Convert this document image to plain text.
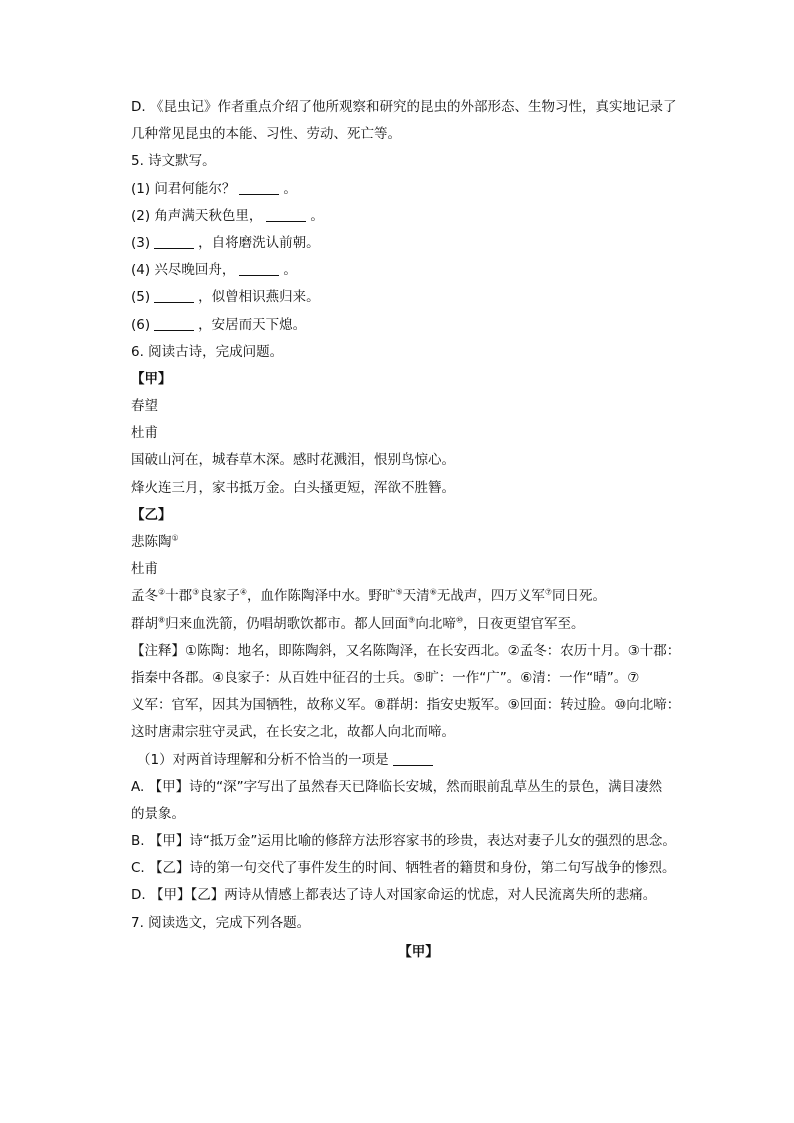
D. 《昆虫记》作者重点介绍了他所观察和研究的昆虫的外部形态、生物习性，真实地记录了
几种常见昆虫的本能、习性、劳动、死亡等。
5. 诗文默写。
(1) 问君何能尔？	。
(2) 角声满天秋色里，	。
(3)	，自将磨洗认前朝。
(4) 兴尽晚回舟，	。
(5)	，似曾相识燕归来。
(6)	，安居而天下熄。
6. 阅读古诗，完成问题。
【甲】
春望
杜甫
国破山河在，城春草木深。感时花溅泪，恨别鸟惊心。
烽火连三月，家书抵万金。白头搔更短，浑欲不胜簪。
【乙】
悲陈陶①
杜甫
孟冬②十郡③良家子④，血作陈陶泽中水。野旷⑤天清⑥无战声，四万义军⑦同日死。
群胡⑧归来血洗箭，仍唱胡歌饮都市。都人回面⑨向北啼⑩，日夜更望官军至。
【注释】①陈陶：地名，即陈陶斜，又名陈陶泽，在长安西北。②孟冬：农历十月。③十郡：
指秦中各郡。④良家子：从百姓中征召的士兵。⑤旷：一作“广”。⑥清：一作“晴”。⑦
义军：官军，因其为国牺牲，故称义军。⑧群胡：指安史叛军。⑨回面：转过脸。⑩向北啼：
这时唐肃宗驻守灵武，在长安之北，故都人向北而啼。
（1）对两首诗理解和分析不恰当的一项是
A. 【甲】诗的“深”字写出了虽然春天已降临长安城，然而眼前乱草丛生的景色，满目凄然
的景象。
B. 【甲】诗“抵万金”运用比喻的修辞方法形容家书的珍贵，表达对妻子儿女的强烈的思念。
C. 【乙】诗的第一句交代了事件发生的时间、牺牲者的籍贯和身份，第二句写战争的惨烈。
D. 【甲】【乙】两诗从情感上都表达了诗人对国家命运的忧虑，对人民流离失所的悲痛。
7. 阅读选文，完成下列各题。
【甲】
